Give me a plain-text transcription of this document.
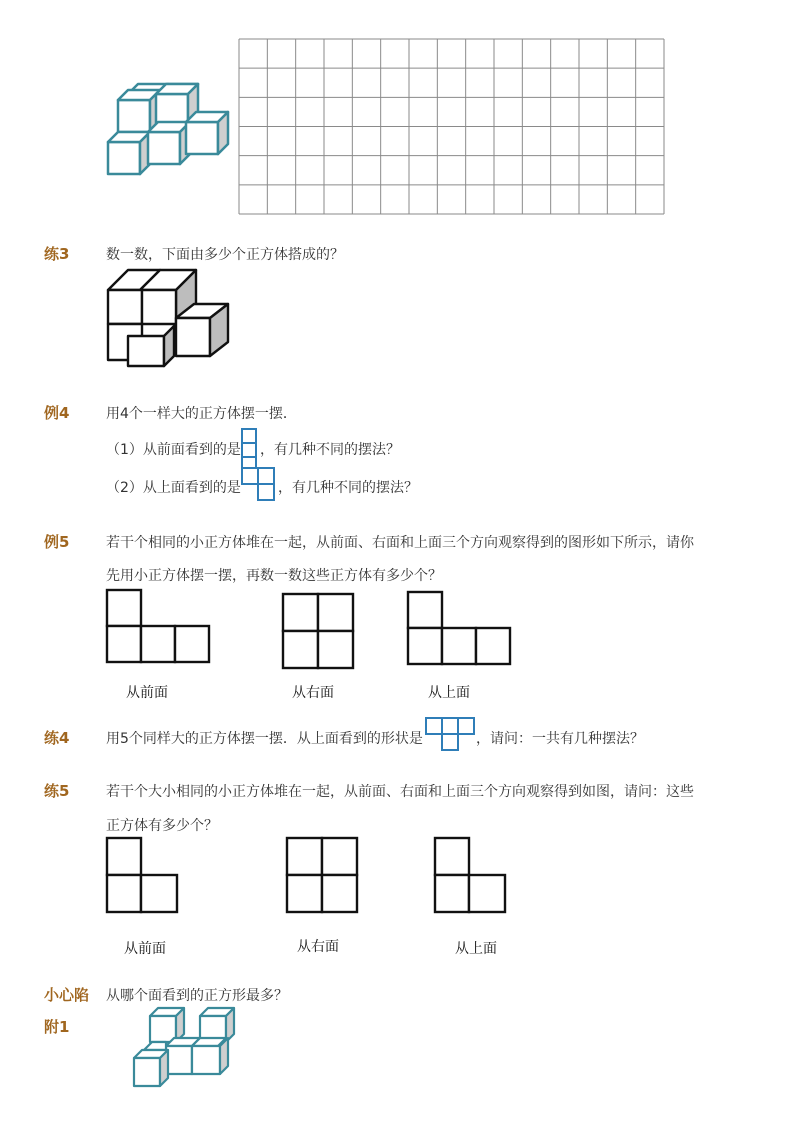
练3	数一数，下面由多少个正方体搭成的？
例4	用4个一样大的正方体摆一摆．
（1）从前面看到的是 ，有几种不同的摆法？
（2）从上面看到的是	，有几种不同的摆法？
例5	若干个相同的小正方体堆在一起，从前面、右面和上面三个方向观察得到的图形如下所示，请你
先用小正方体摆一摆，再数一数这些正方体有多少个？
从前面	从右面	从上面
练4	用5个同样大的正方体摆一摆．从上面看到的形状是	，请问：一共有几种摆法？
练5	若干个大小相同的小正方体堆在一起，从前面、右面和上面三个方向观察得到如图，请问：这些
正方体有多少个？
从前面	从右面	从上面
小心陷 从哪个面看到的正方形最多？
附1
